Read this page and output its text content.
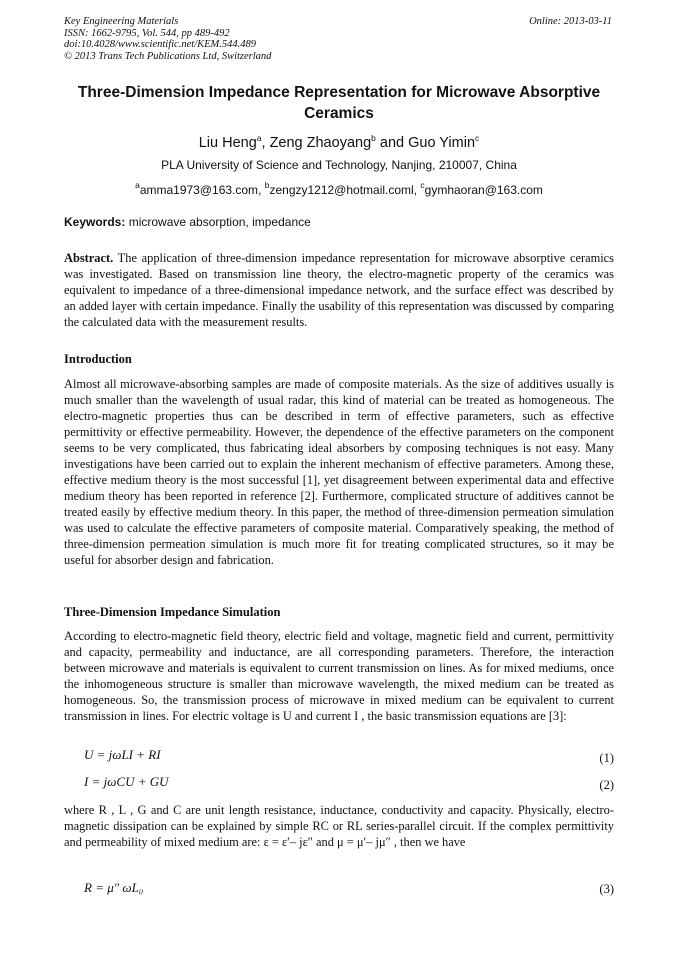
Key Engineering Materials
ISSN: 1662-9795, Vol. 544, pp 489-492
doi:10.4028/www.scientific.net/KEM.544.489
© 2013 Trans Tech Publications Ltd, Switzerland
Online: 2013-03-11
Three-Dimension Impedance Representation for Microwave Absorptive Ceramics
Liu Heng$^a$, Zeng Zhaoyang$^b$ and Guo Yimin$^c$
PLA University of Science and Technology, Nanjing, 210007, China
$^a$amma1973@163.com, $^b$zengzy1212@hotmail.coml, $^c$gymhaoran@163.com
Keywords: microwave absorption, impedance
Abstract. The application of three-dimension impedance representation for microwave absorptive ceramics was investigated. Based on transmission line theory, the electro-magnetic property of the ceramics was equivalent to impedance of a three-dimensional impedance network, and the surface effect was described by an added layer with certain impedance. Finally the usability of this representation was discussed by comparing the calculated data with the measurement results.
Introduction
Almost all microwave-absorbing samples are made of composite materials. As the size of additives usually is much smaller than the wavelength of usual radar, this kind of material can be treated as homogeneous. The electro-magnetic properties thus can be described in term of effective parameters, such as effective permittivity or effective permeability. However, the dependence of the effective parameters on the component seems to be very complicated, thus fabricating ideal absorbers by composing techniques is not easy. Many investigations have been carried out to explain the inherent mechanism of effective parameters. Among these, effective medium theory is the most successful [1], yet disagreement between experimental data and effective medium theory has been reported in reference [2]. Furthermore, complicated structure of additives cannot be treated easily by effective medium theory. In this paper, the method of three-dimension permeation simulation was used to calculate the effective parameters of composite material. Comparatively speaking, the method of three-dimension permeation simulation is much more fit for treating complicated structures, so it may be useful for absorber design and fabrication.
Three-Dimension Impedance Simulation
According to electro-magnetic field theory, electric field and voltage, magnetic field and current, permittivity and capacity, permeability and inductance, are all corresponding parameters. Therefore, the interaction between microwave and materials is equivalent to current transmission on lines. As for mixed mediums, once the inhomogeneous structure is smaller than microwave wavelength, the mixed medium can be treated as homogeneous. So, the transmission process of microwave in mixed medium can be equivalent to current transmission in lines. For electric voltage is U and current I , the basic transmission equations are [3]:
U = jωLI + RI	(1)
I = jωCU + GU	(2)
where R , L , G and C are unit length resistance, inductance, conductivity and capacity. Physically, electro-magnetic dissipation can be explained by simple RC or RL series-parallel circuit. If the complex permittivity and permeability of mixed medium are: ε = ε′– jε″ and μ = μ′– jμ″ , then we have
R = μ″ ωL₀	(3)
